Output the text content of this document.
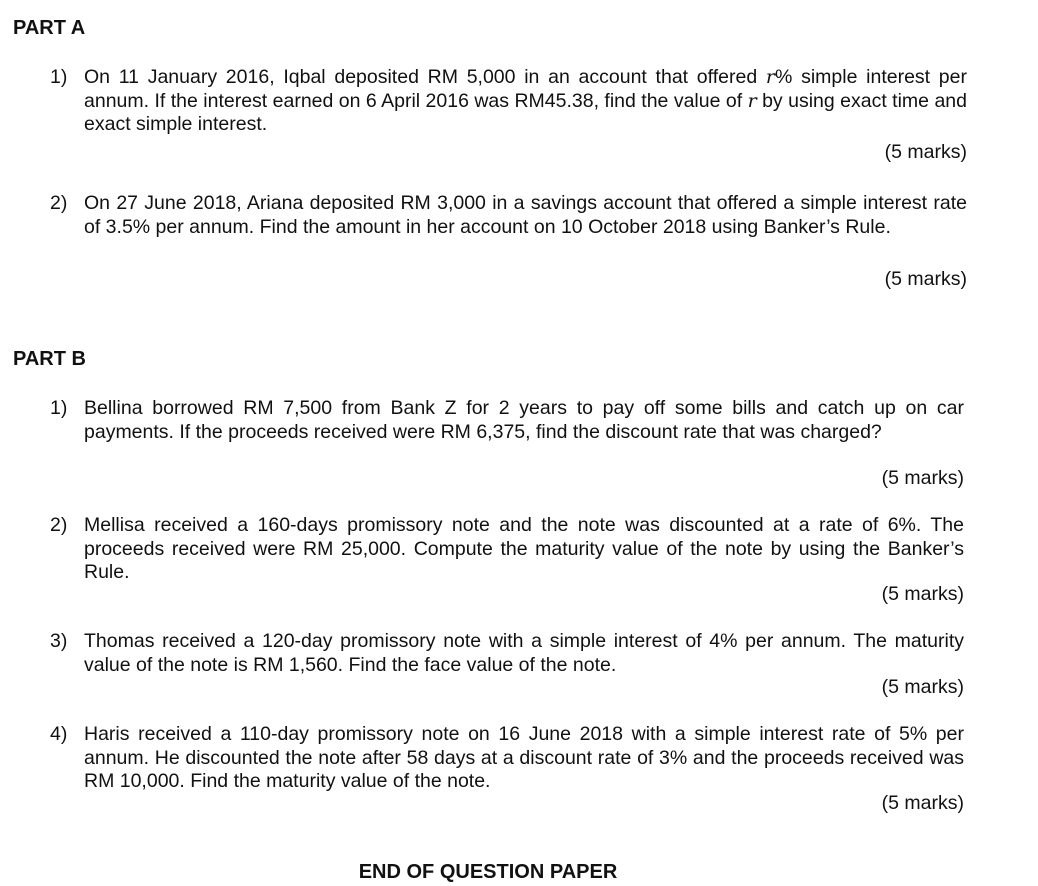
PART A
1) On 11 January 2016, Iqbal deposited RM 5,000 in an account that offered r% simple interest per annum. If the interest earned on 6 April 2016 was RM45.38, find the value of r by using exact time and exact simple interest.
(5 marks)
2) On 27 June 2018, Ariana deposited RM 3,000 in a savings account that offered a simple interest rate of 3.5% per annum. Find the amount in her account on 10 October 2018 using Banker’s Rule.
(5 marks)
PART B
1) Bellina borrowed RM 7,500 from Bank Z for 2 years to pay off some bills and catch up on car payments. If the proceeds received were RM 6,375, find the discount rate that was charged?
(5 marks)
2) Mellisa received a 160-days promissory note and the note was discounted at a rate of 6%. The proceeds received were RM 25,000. Compute the maturity value of the note by using the Banker’s Rule.
(5 marks)
3) Thomas received a 120-day promissory note with a simple interest of 4% per annum. The maturity value of the note is RM 1,560. Find the face value of the note.
(5 marks)
4) Haris received a 110-day promissory note on 16 June 2018 with a simple interest rate of 5% per annum. He discounted the note after 58 days at a discount rate of 3% and the proceeds received was RM 10,000. Find the maturity value of the note.
(5 marks)
END OF QUESTION PAPER
